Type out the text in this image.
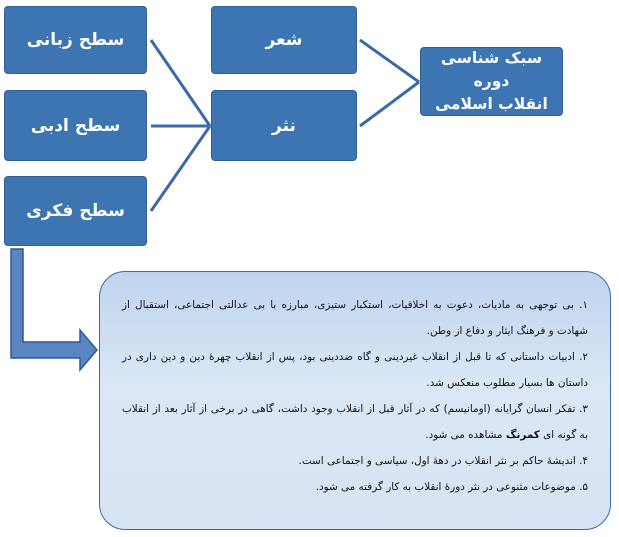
سطح زبانی
سطح ادبی
سطح فکری
شعر
نثر
سبک شناسی دوره
انقلاب اسلامی

۱. بی توجهی به مادیات، دعوت به اخلاقیات، استکبار ستیزی، مبارزه با بی عدالتی اجتماعی، استقبال از شهادت و فرهنگ ایثار و دفاع از وطن.

۲. ادبیات داستانی که تا قبل از انقلاب غیردینی و گاه ضددینی بود، پس از انقلاب چهرهٔ دین و دین داری در داستان ها بسیار مطلوب منعکس شد.

۳. تفکر انسان گرایانه (اومانیسم) که در آثار قبل از انقلاب وجود داشت، گاهی در برخی از آثار بعد از انقلاب به گونه ای کمرنگ مشاهده می شود.

۴. اندیشهٔ حاکم بر نثر انقلاب در دههٔ اول، سیاسی و اجتماعی است.

۵. موضوعات مثنوعی در نثر دورهٔ انقلاب به کار گرفته می شود.
